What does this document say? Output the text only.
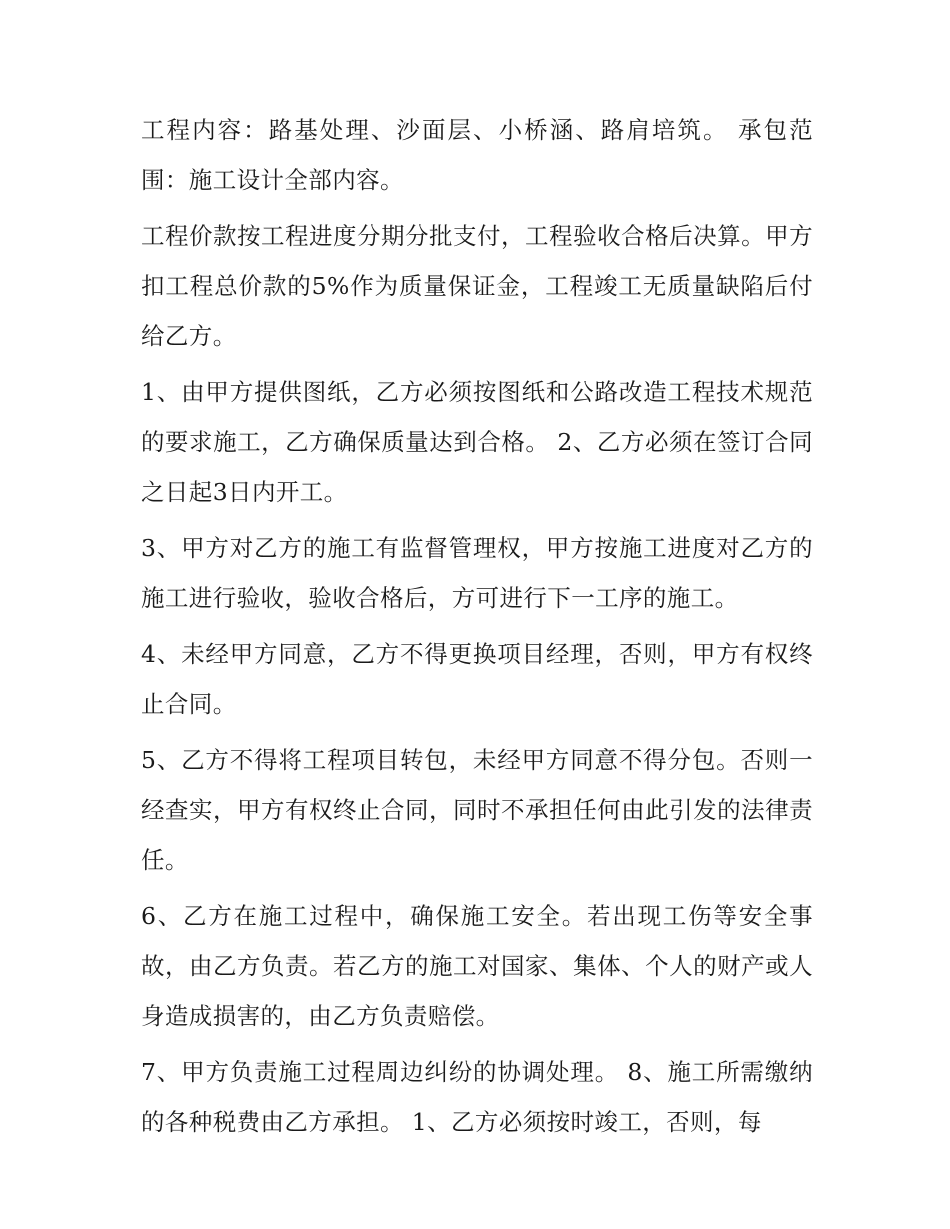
工程内容：路基处理、沙面层、小桥涵、路肩培筑。 承包范围：施工设计全部内容。

工程价款按工程进度分期分批支付，工程验收合格后决算。甲方扣工程总价款的5%作为质量保证金，工程竣工无质量缺陷后付给乙方。

1、由甲方提供图纸，乙方必须按图纸和公路改造工程技术规范的要求施工，乙方确保质量达到合格。 2、乙方必须在签订合同之日起3日内开工。

3、甲方对乙方的施工有监督管理权，甲方按施工进度对乙方的施工进行验收，验收合格后，方可进行下一工序的施工。

4、未经甲方同意，乙方不得更换项目经理，否则，甲方有权终止合同。

5、乙方不得将工程项目转包，未经甲方同意不得分包。否则一经查实，甲方有权终止合同，同时不承担任何由此引发的法律责任。

6、乙方在施工过程中，确保施工安全。若出现工伤等安全事故，由乙方负责。若乙方的施工对国家、集体、个人的财产或人身造成损害的，由乙方负责赔偿。

7、甲方负责施工过程周边纠纷的协调处理。 8、施工所需缴纳的各种税费由乙方承担。 1、乙方必须按时竣工，否则，每
